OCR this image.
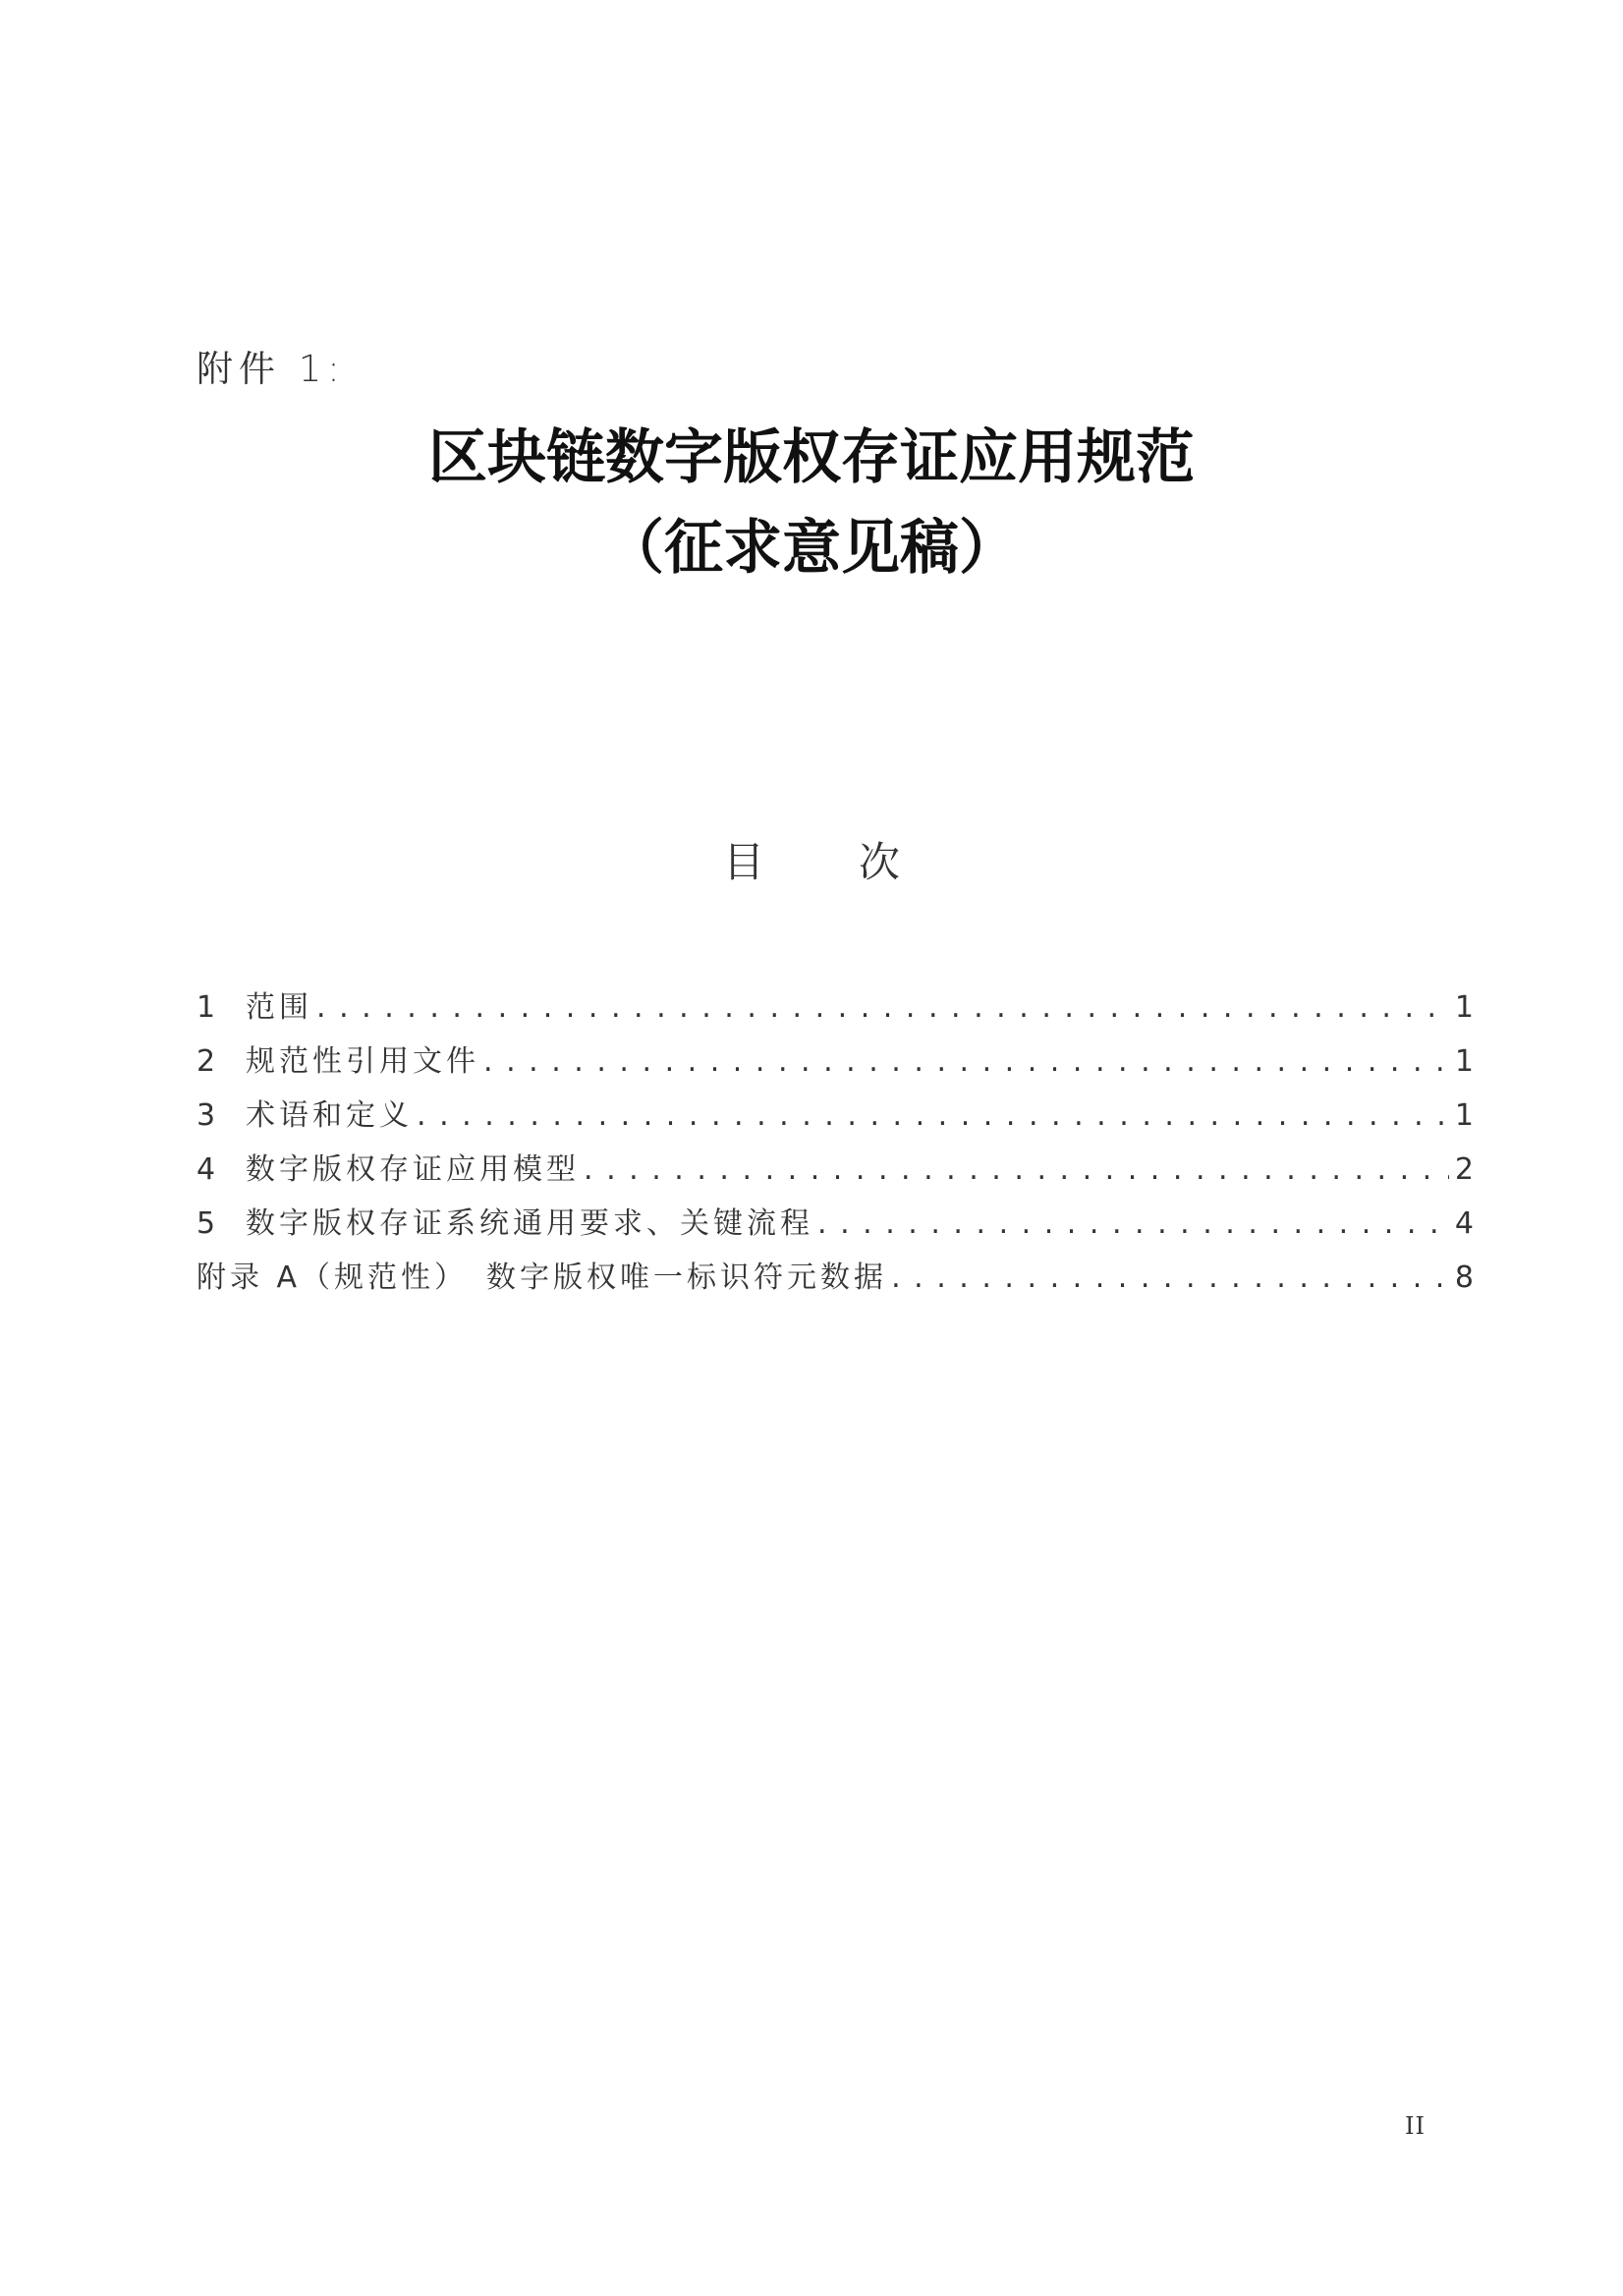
附件 1:
区块链数字版权存证应用规范
（征求意见稿）
目 次
1 范围 . . .	1
2 规范性引用文件 . . .	1
3 术语和定义 . . .	1
4 数字版权存证应用模型 . . .	2
5 数字版权存证系统通用要求、关键流程 . . .	4
附录 A（规范性）　数字版权唯一标识符元数据 . . .	8
II
